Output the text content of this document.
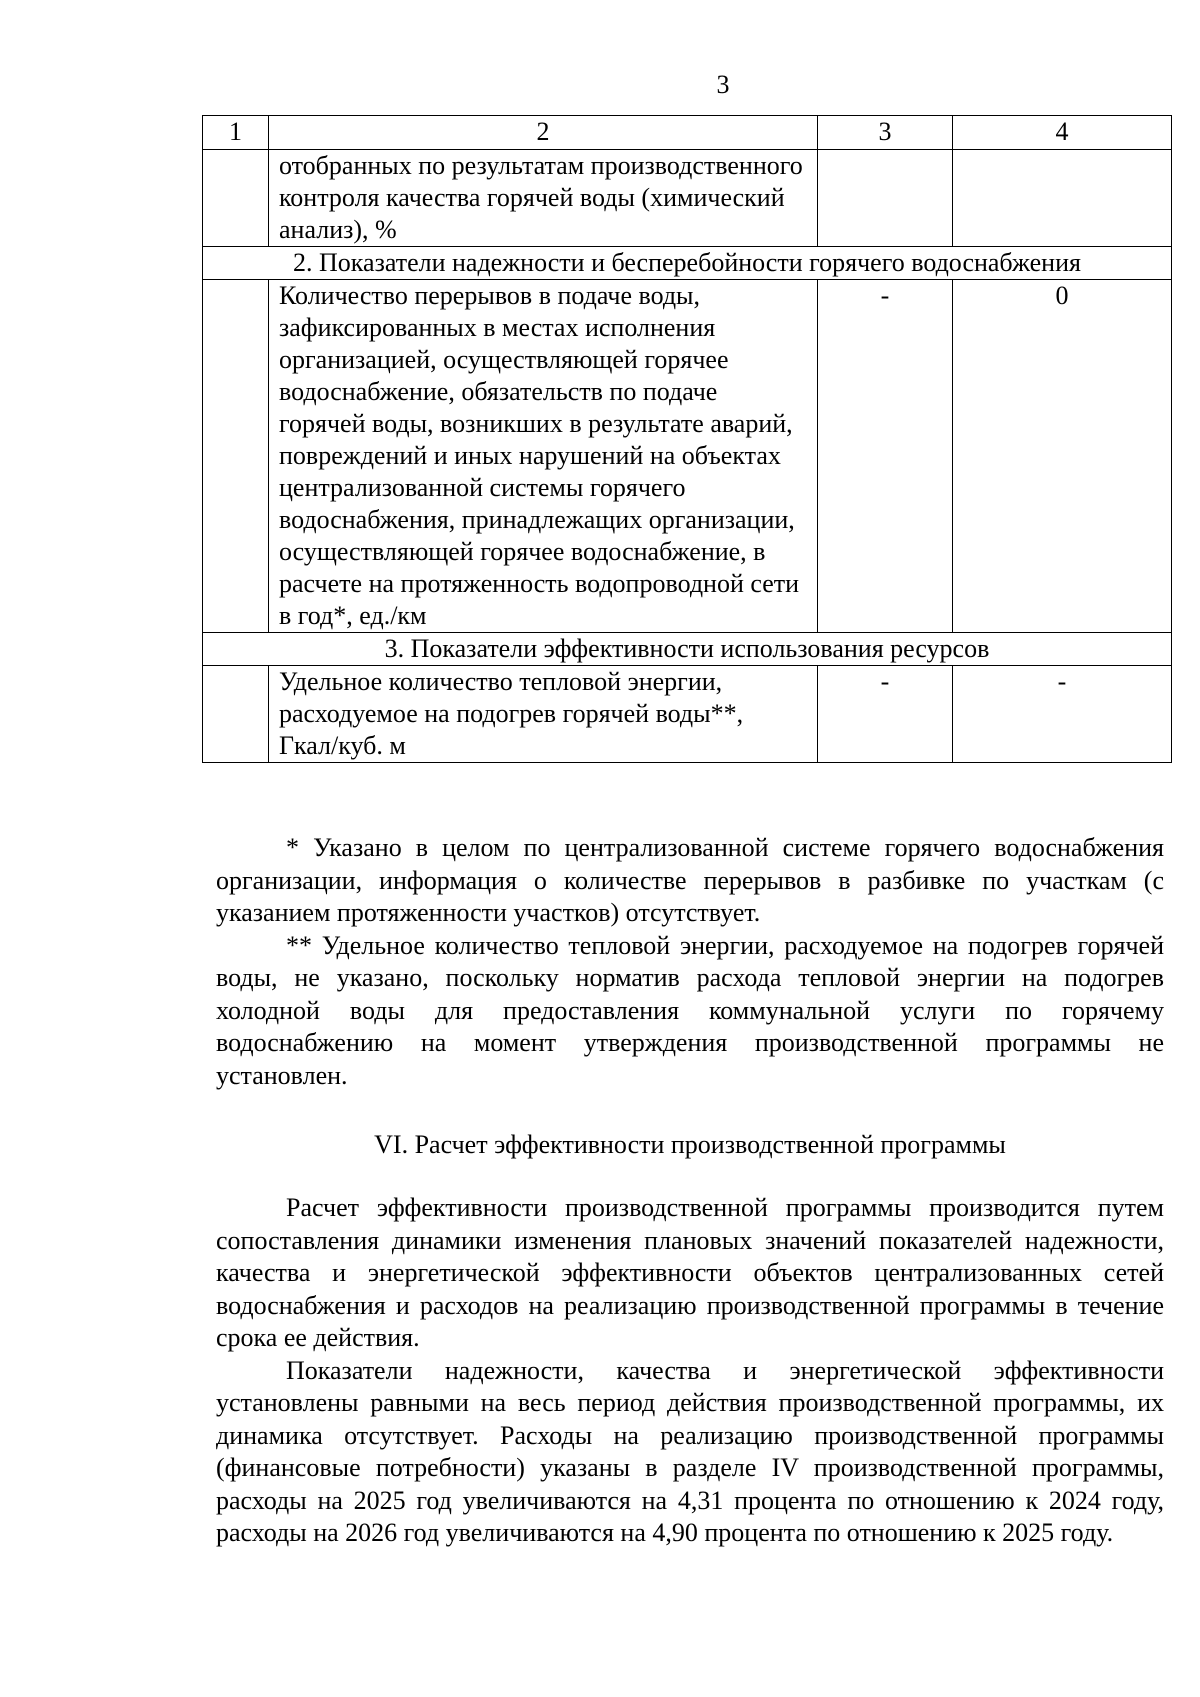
3
1	2	3	4
	отобранных по результатам производственного контроля качества горячей воды (химический анализ), %		
2. Показатели надежности и бесперебойности горячего водоснабжения			
	Количество перерывов в подаче воды, зафиксированных в местах исполнения организацией, осуществляющей горячее водоснабжение, обязательств по подаче горячей воды, возникших в результате аварий, повреждений и иных нарушений на объектах централизованной системы горячего водоснабжения, принадлежащих организации, осуществляющей горячее водоснабжение, в расчете на протяженность водопроводной сети в год*, ед./км	-	0
3. Показатели эффективности использования ресурсов			
	Удельное количество тепловой энергии, расходуемое на подогрев горячей воды**, Гкал/куб. м	-	-

* Указано в целом по централизованной системе горячего водоснабжения организации, информация о количестве перерывов в разбивке по участкам (с указанием протяженности участков) отсутствует.

** Удельное количество тепловой энергии, расходуемое на подогрев горячей воды, не указано, поскольку норматив расхода тепловой энергии на подогрев холодной воды для предоставления коммунальной услуги по горячему водоснабжению на момент утверждения производственной программы не установлен.

VI. Расчет эффективности производственной программы

Расчет эффективности производственной программы производится путем сопоставления динамики изменения плановых значений показателей надежности, качества и энергетической эффективности объектов централизованных сетей водоснабжения и расходов на реализацию производственной программы в течение срока ее действия.

Показатели надежности, качества и энергетической эффективности установлены равными на весь период действия производственной программы, их динамика отсутствует. Расходы на реализацию производственной программы (финансовые потребности) указаны в разделе IV производственной программы, расходы на 2025 год увеличиваются на 4,31 процента по отношению к 2024 году, расходы на 2026 год увеличиваются на 4,90 процента по отношению к 2025 году.
